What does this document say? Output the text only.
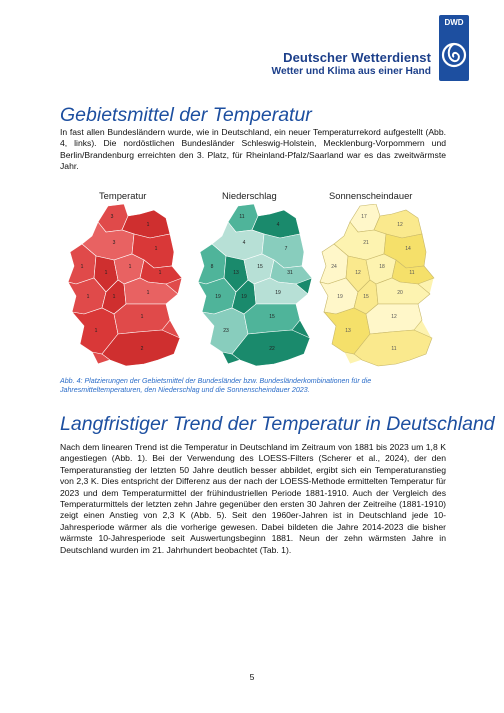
Deutscher Wetterdienst
Wetter und Klima aus einer Hand
DWD
Gebietsmittel der Temperatur

In fast allen Bundesländern wurde, wie in Deutschland, ein neuer Temperaturrekord aufgestellt (Abb. 4, links). Die nordöstlichen Bundesländer Schleswig-Holstein, Mecklenburg-Vorpommern und Berlin/Brandenburg erreichten den 3. Platz, für Rheinland-Pfalz/Saarland war es das zweitwärmste Jahr.

Temperatur	Niederschlag	Sonnenscheindauer
3
1
3
1
1
1
1
1
1	1
1
1
1
2
11
4
4
7
8
13
15
31
19	19
19
23
15
22
17
12
21
14
24
12
18
11
19	15
20
13
12
11

Abb. 4: Platzierungen der Gebietsmittel der Bundesländer bzw. Bundesländerkombinationen für die Jahresmitteltemperaturen, den Niederschlag und die Sonnenscheindauer 2023.

Langfristiger Trend der Temperatur in Deutschland

Nach dem linearen Trend ist die Temperatur in Deutschland im Zeitraum von 1881 bis 2023 um 1,8 K angestiegen (Abb. 1). Bei der Verwendung des LOESS-Filters (Scherer et al., 2024), der den Temperaturanstieg der letzten 50 Jahre deutlich besser abbildet, ergibt sich ein Temperaturanstieg von 2,3 K. Dies entspricht der Differenz aus der nach der LOESS-Methode ermittelten Temperatur für 2023 und dem Temperaturmittel der frühindustriellen Periode 1881-1910. Auch der Vergleich des Temperaturmittels der letzten zehn Jahre gegenüber den ersten 30 Jahren der Zeitreihe (1881-1910) zeigt einen Anstieg von 2,3 K (Abb. 5). Seit den 1960er-Jahren ist in Deutschland jede 10-Jahresperiode wärmer als die vorherige gewesen. Dabei bildeten die Jahre 2014-2023 die bisher wärmste 10-Jahresperiode seit Auswertungsbeginn 1881. Neun der zehn wärmsten Jahre in Deutschland wurden im 21. Jahrhundert beobachtet (Tab. 1).

5
